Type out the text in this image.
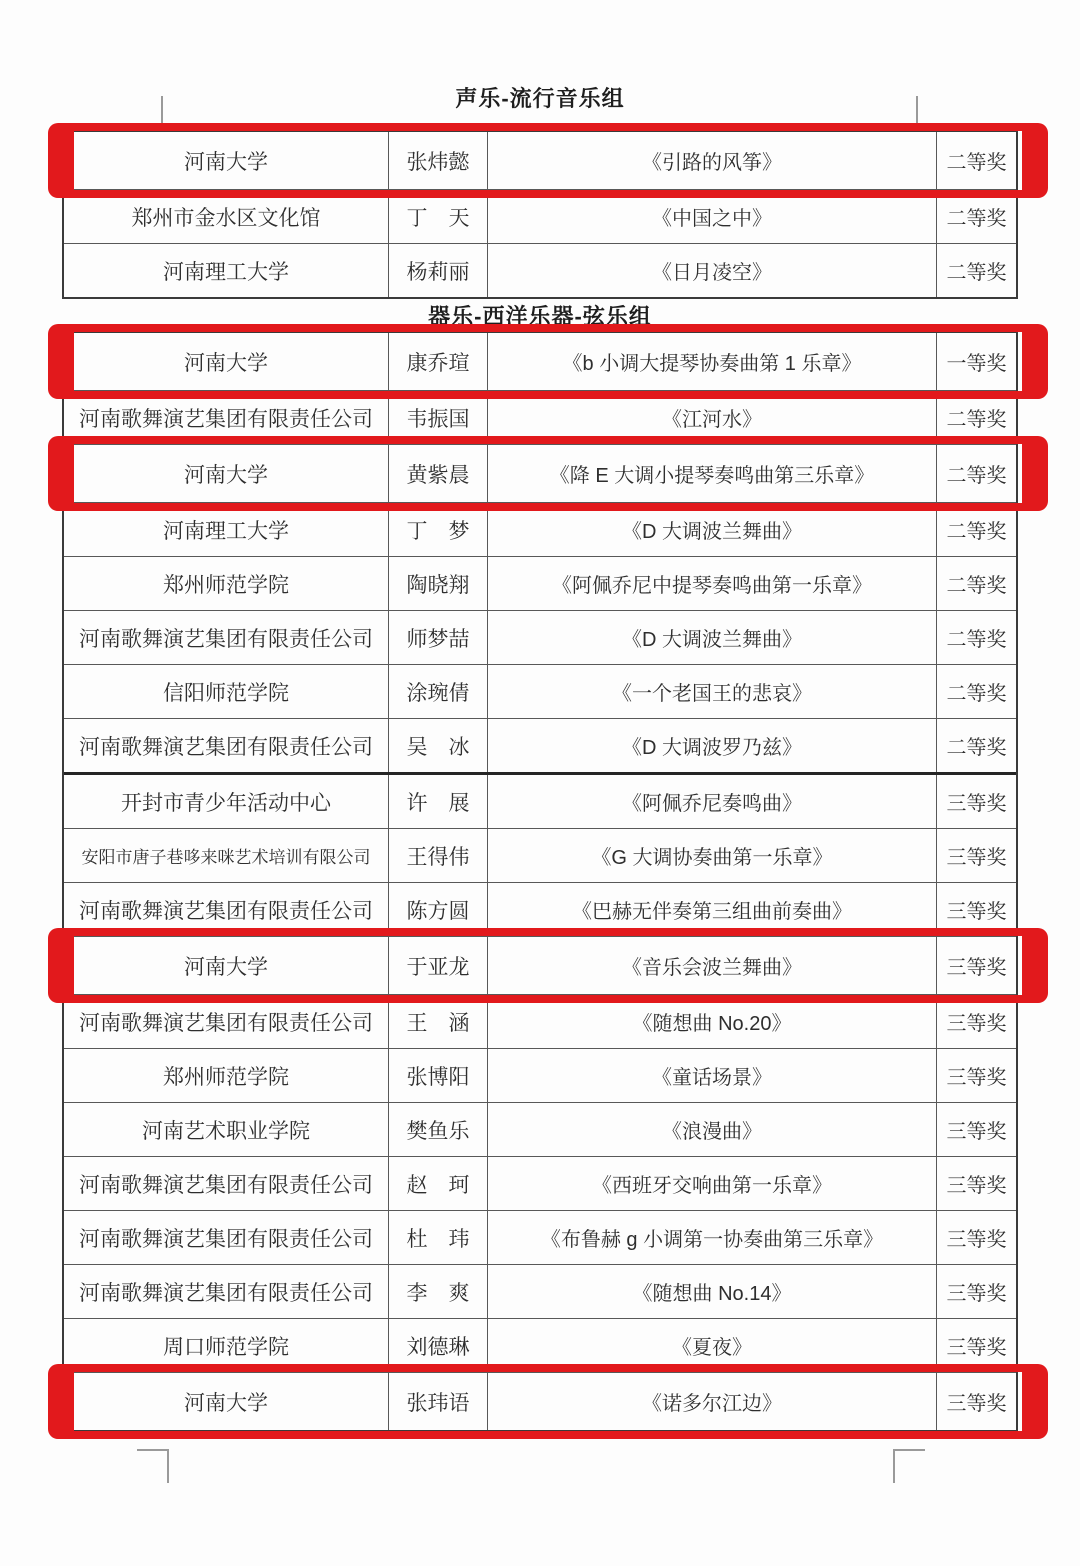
声乐-流行音乐组
河南大学	张炜懿	《引路的风筝》	二等奖
郑州市金水区文化馆	丁　天	《中国之中》	二等奖
河南理工大学	杨莉丽	《日月凌空》	二等奖
器乐-西洋乐器-弦乐组
河南大学	康乔瑄	《b 小调大提琴协奏曲第 1 乐章》	一等奖
河南歌舞演艺集团有限责任公司	韦振国	《江河水》	二等奖
河南大学	黄紫晨	《降 E 大调小提琴奏鸣曲第三乐章》	二等奖
河南理工大学	丁　梦	《D 大调波兰舞曲》	二等奖
郑州师范学院	陶晓翔	《阿佩乔尼中提琴奏鸣曲第一乐章》	二等奖
河南歌舞演艺集团有限责任公司	师梦喆	《D 大调波兰舞曲》	二等奖
信阳师范学院	涂琬倩	《一个老国王的悲哀》	二等奖
河南歌舞演艺集团有限责任公司	吴　冰	《D 大调波罗乃兹》	二等奖
开封市青少年活动中心	许　展	《阿佩乔尼奏鸣曲》	三等奖
安阳市唐子巷哆来咪艺术培训有限公司	王得伟	《G 大调协奏曲第一乐章》	三等奖
河南歌舞演艺集团有限责任公司	陈方圆	《巴赫无伴奏第三组曲前奏曲》	三等奖
河南大学	于亚龙	《音乐会波兰舞曲》	三等奖
河南歌舞演艺集团有限责任公司	王　涵	《随想曲 No.20》	三等奖
郑州师范学院	张博阳	《童话场景》	三等奖
河南艺术职业学院	樊鱼乐	《浪漫曲》	三等奖
河南歌舞演艺集团有限责任公司	赵　珂	《西班牙交响曲第一乐章》	三等奖
河南歌舞演艺集团有限责任公司	杜　玮	《布鲁赫 g 小调第一协奏曲第三乐章》	三等奖
河南歌舞演艺集团有限责任公司	李　爽	《随想曲 No.14》	三等奖
周口师范学院	刘德琳	《夏夜》	三等奖
河南大学	张玮语	《诺多尔江边》	三等奖
